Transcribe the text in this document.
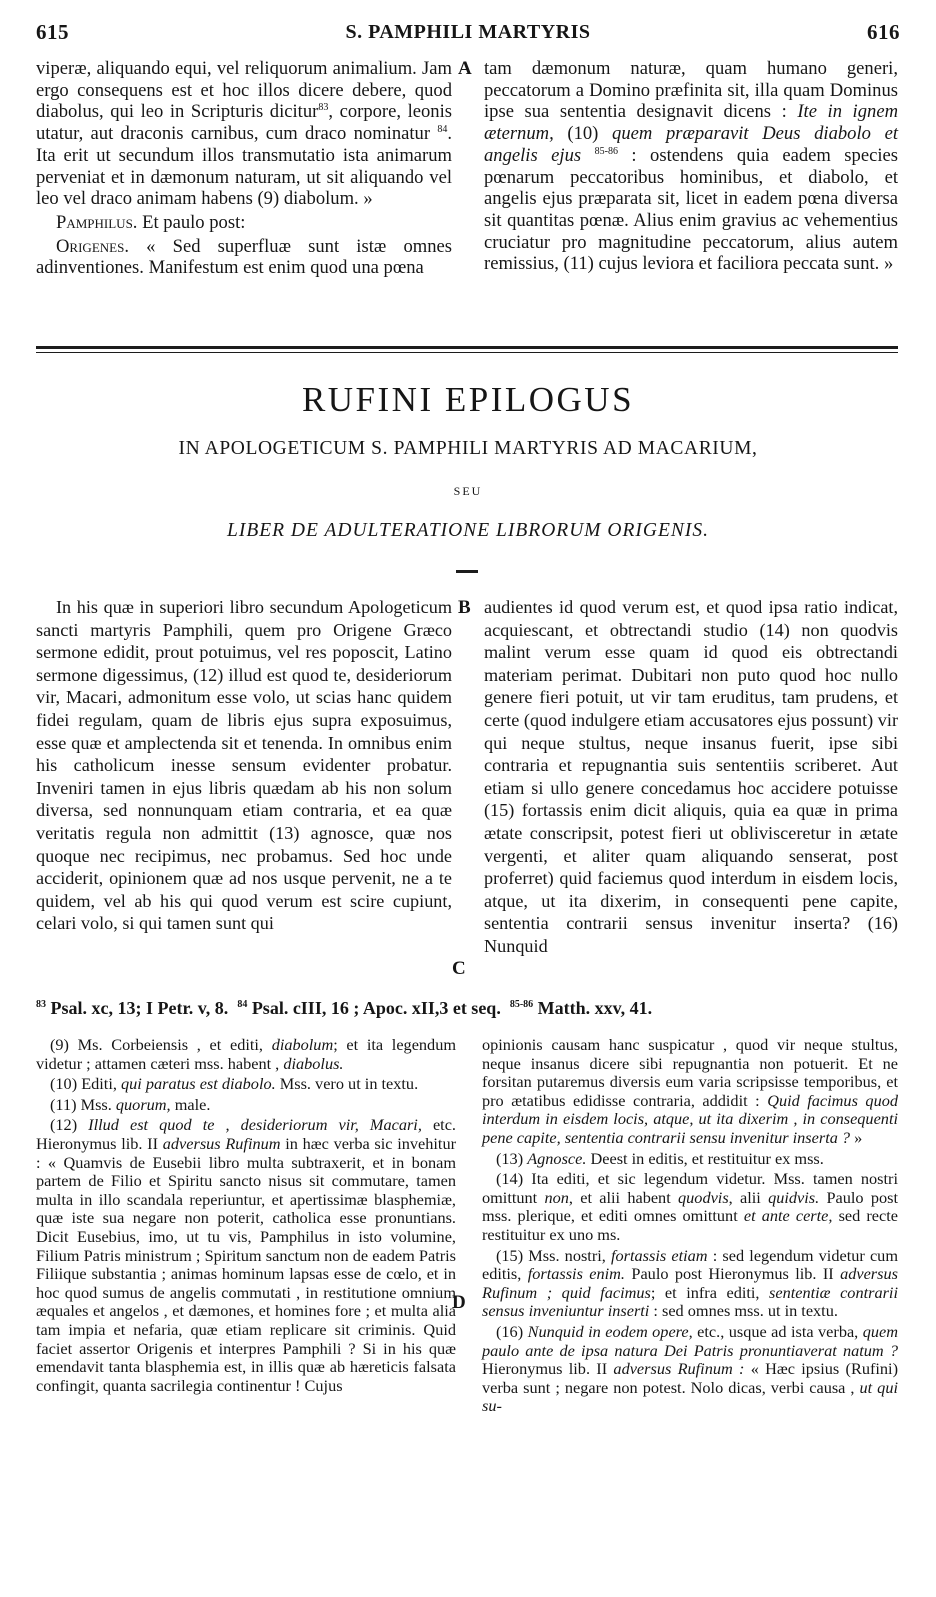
615	S. PAMPHILI MARTYRIS	616

viperæ, aliquando equi, vel reliquorum animalium. Jam ergo consequens est et hoc illos dicere debere, quod diabolus, qui leo in Scripturis dicitur$^{83}$, corpore, leonis utatur, aut draconis carnibus, cum draco nominatur $^{84}$. Ita erit ut secundum illos transmutatio ista animarum perveniat et in dæmonum naturam, ut sit aliquando vel leo vel draco animam habens (9) diabolum. »

Pamphilus. Et paulo post:

Origenes. « Sed superfluæ sunt istæ omnes adinventiones. Manifestum est enim quod una pœna

A tam dæmonum naturæ, quam humano generi, peccatorum a Domino præfinita sit, illa quam Dominus ipse sua sententia designavit dicens : Ite in ignem æternum, (10) quem præparavit Deus diabolo et angelis ejus $^{85-86}$ : ostendens quia eadem species pœnarum peccatoribus hominibus, et diabolo, et angelis ejus præparata sit, licet in eadem pœna diversa sit quantitas pœnæ. Alius enim gravius ac vehementius cruciatur pro magnitudine peccatorum, alius autem remissius, (11) cujus leviora et faciliora peccata sunt. »

RUFINI EPILOGUS
IN APOLOGETICUM S. PAMPHILI MARTYRIS AD MACARIUM,
SEU
LIBER DE ADULTERATIONE LIBRORUM ORIGENIS.

In his quæ in superiori libro secundum Apologeticum sancti martyris Pamphili, quem pro Origene Græco sermone edidit, prout potuimus, vel res poposcit, Latino sermone digessimus, (12) illud est quod te, desideriorum vir, Macari, admonitum esse volo, ut scias hanc quidem fidei regulam, quam de libris ejus supra exposuimus, esse quæ et amplectenda sit et tenenda. In omnibus enim his catholicum inesse sensum evidenter probatur. Inveniri tamen in ejus libris quædam ab his non solum diversa, sed nonnunquam etiam contraria, et ea quæ veritatis regula non admittit (13) agnosce, quæ nos quoque nec recipimus, nec probamus. Sed hoc unde acciderit, opinionem quæ ad nos usque pervenit, ne a te quidem, vel ab his qui quod verum est scire cupiunt, celari volo, si qui tamen sunt qui

B
C

audientes id quod verum est, et quod ipsa ratio indicat, acquiescant, et obtrectandi studio (14) non quodvis malint verum esse quam id quod eis obtrectandi materiam perimat. Dubitari non puto quod hoc nullo genere fieri potuit, ut vir tam eruditus, tam prudens, et certe (quod indulgere etiam accusatores ejus possunt) vir qui neque stultus, neque insanus fuerit, ipse sibi contraria et repugnantia suis sententiis scriberet. Aut etiam si ullo genere concedamus hoc accidere potuisse (15) fortassis enim dicit aliquis, quia ea quæ in prima ætate conscripsit, potest fieri ut oblivisceretur in ætate vergenti, et aliter quam aliquando senserat, post proferret) quid faciemus quod interdum in eisdem locis, atque, ut ita dixerim, in consequenti pene capite, sententia contrarii sensus invenitur inserta? (16) Nunquid

$^{83}$ Psal. xc, 13; I Petr. v, 8. $^{84}$ Psal. cIII, 16 ; Apoc. xII,3 et seq. $^{85-86}$ Matth. xxv, 41.

(9) Ms. Corbeiensis , et editi, diabolum; et ita legendum videtur ; attamen cæteri mss. habent , diabolus.

(10) Editi, qui paratus est diabolo. Mss. vero ut in textu.

(11) Mss. quorum, male.

(12) Illud est quod te , desideriorum vir, Macari, etc. Hieronymus lib. II adversus Rufinum in hæc verba sic invehitur : « Quamvis de Eusebii libro multa subtraxerit, et in bonam partem de Filio et Spiritu sancto nisus sit commutare, tamen multa in illo scandala reperiuntur, et apertissimæ blasphemiæ, quæ iste sua negare non poterit, catholica esse pronuntians. Dicit Eusebius, imo, ut tu vis, Pamphilus in isto volumine, Filium Patris ministrum ; Spiritum sanctum non de eadem Patris Filiique substantia ; animas hominum lapsas esse de cœlo, et in hoc quod sumus de angelis commutati , in restitutione omnium æquales et angelos , et dæmones, et homines fore ; et multa alia tam impia et nefaria, quæ etiam replicare sit criminis. Quid faciet assertor Origenis et interpres Pamphili ? Si in his quæ emendavit tanta blasphemia est, in illis quæ ab hæreticis falsata confingit, quanta sacrilegia continentur ! Cujus

D

opinionis causam hanc suspicatur , quod vir neque stultus, neque insanus dicere sibi repugnantia non potuerit. Et ne forsitan putaremus diversis eum varia scripsisse temporibus, et pro ætatibus edidisse contraria, addidit : Quid facimus quod interdum in eisdem locis, atque, ut ita dixerim , in consequenti pene capite, sententia contrarii sensu invenitur inserta ? »

(13) Agnosce. Deest in editis, et restituitur ex mss.

(14) Ita editi, et sic legendum videtur. Mss. tamen nostri omittunt non, et alii habent quodvis, alii quidvis. Paulo post mss. plerique, et editi omnes omittunt et ante certe, sed recte restituitur ex uno ms.

(15) Mss. nostri, fortassis etiam : sed legendum videtur cum editis, fortassis enim. Paulo post Hieronymus lib. II adversus Rufinum ; quid facimus; et infra editi, sententiæ contrarii sensus inveniuntur inserti : sed omnes mss. ut in textu.

(16) Nunquid in eodem opere, etc., usque ad ista verba, quem paulo ante de ipsa natura Dei Patris pronuntiaverat natum ? Hieronymus lib. II adversus Rufinum : « Hæc ipsius (Rufini) verba sunt ; negare non potest. Nolo dicas, verbi causa , ut qui su-
